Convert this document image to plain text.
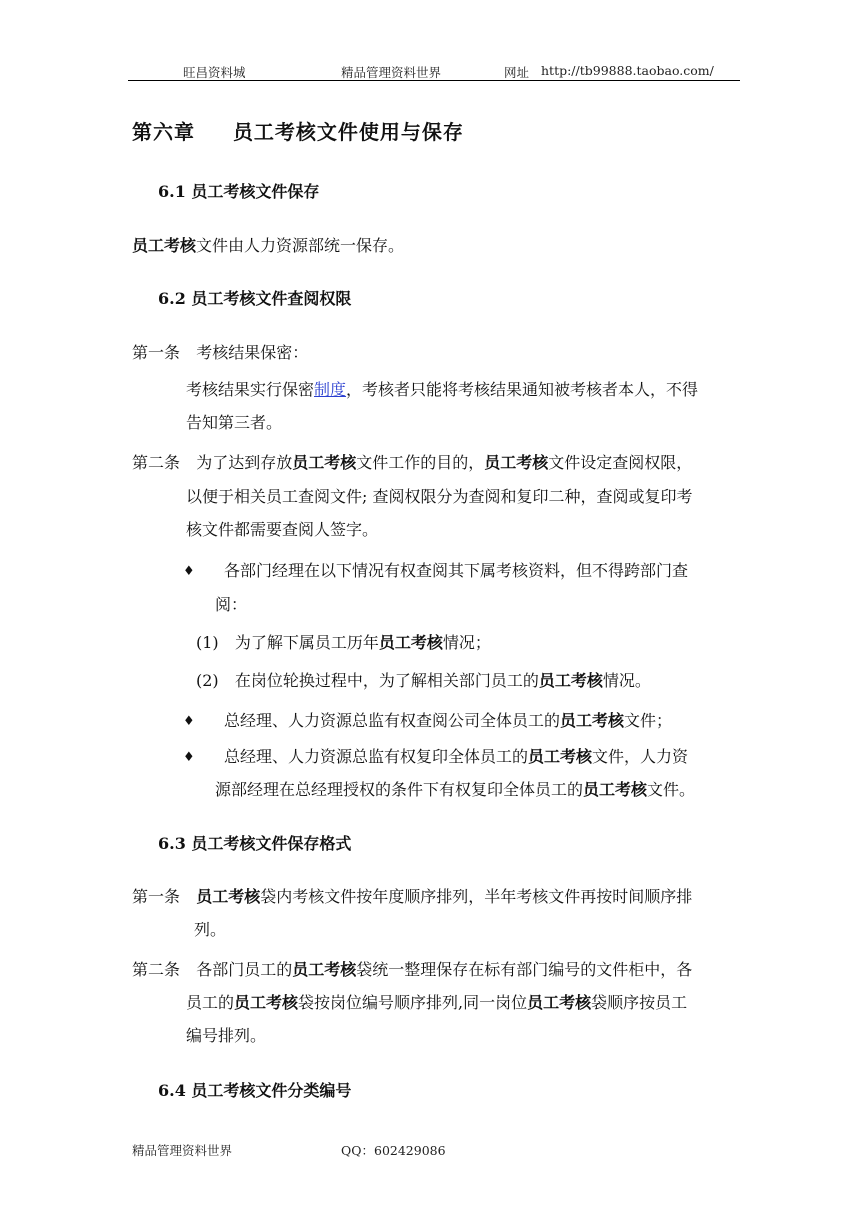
旺昌资料城	精品管理资料世界	网址 http://tb99888.taobao.com/
第六章 员工考核文件使用与保存
6.1 员工考核文件保存
员工考核文件由人力资源部统一保存。
6.2 员工考核文件查阅权限
第一条 考核结果保密：
考核结果实行保密制度，考核者只能将考核结果通知被考核者本人，不得
告知第三者。
第二条 为了达到存放员工考核文件工作的目的，员工考核文件设定查阅权限，
以便于相关员工查阅文件; 查阅权限分为查阅和复印二种，查阅或复印考
核文件都需要查阅人签字。
♦ 各部门经理在以下情况有权查阅其下属考核资料，但不得跨部门查
阅：
(1) 为了解下属员工历年员工考核情况；
(2) 在岗位轮换过程中，为了解相关部门员工的员工考核情况。
♦ 总经理、人力资源总监有权查阅公司全体员工的员工考核文件；
♦ 总经理、人力资源总监有权复印全体员工的员工考核文件，人力资
源部经理在总经理授权的条件下有权复印全体员工的员工考核文件。
6.3 员工考核文件保存格式
第一条 员工考核袋内考核文件按年度顺序排列，半年考核文件再按时间顺序排
列。
第二条 各部门员工的员工考核袋统一整理保存在标有部门编号的文件柜中，各
员工的员工考核袋按岗位编号顺序排列,同一岗位员工考核袋顺序按员工
编号排列。
6.4 员工考核文件分类编号
精品管理资料世界	QQ：602429086
